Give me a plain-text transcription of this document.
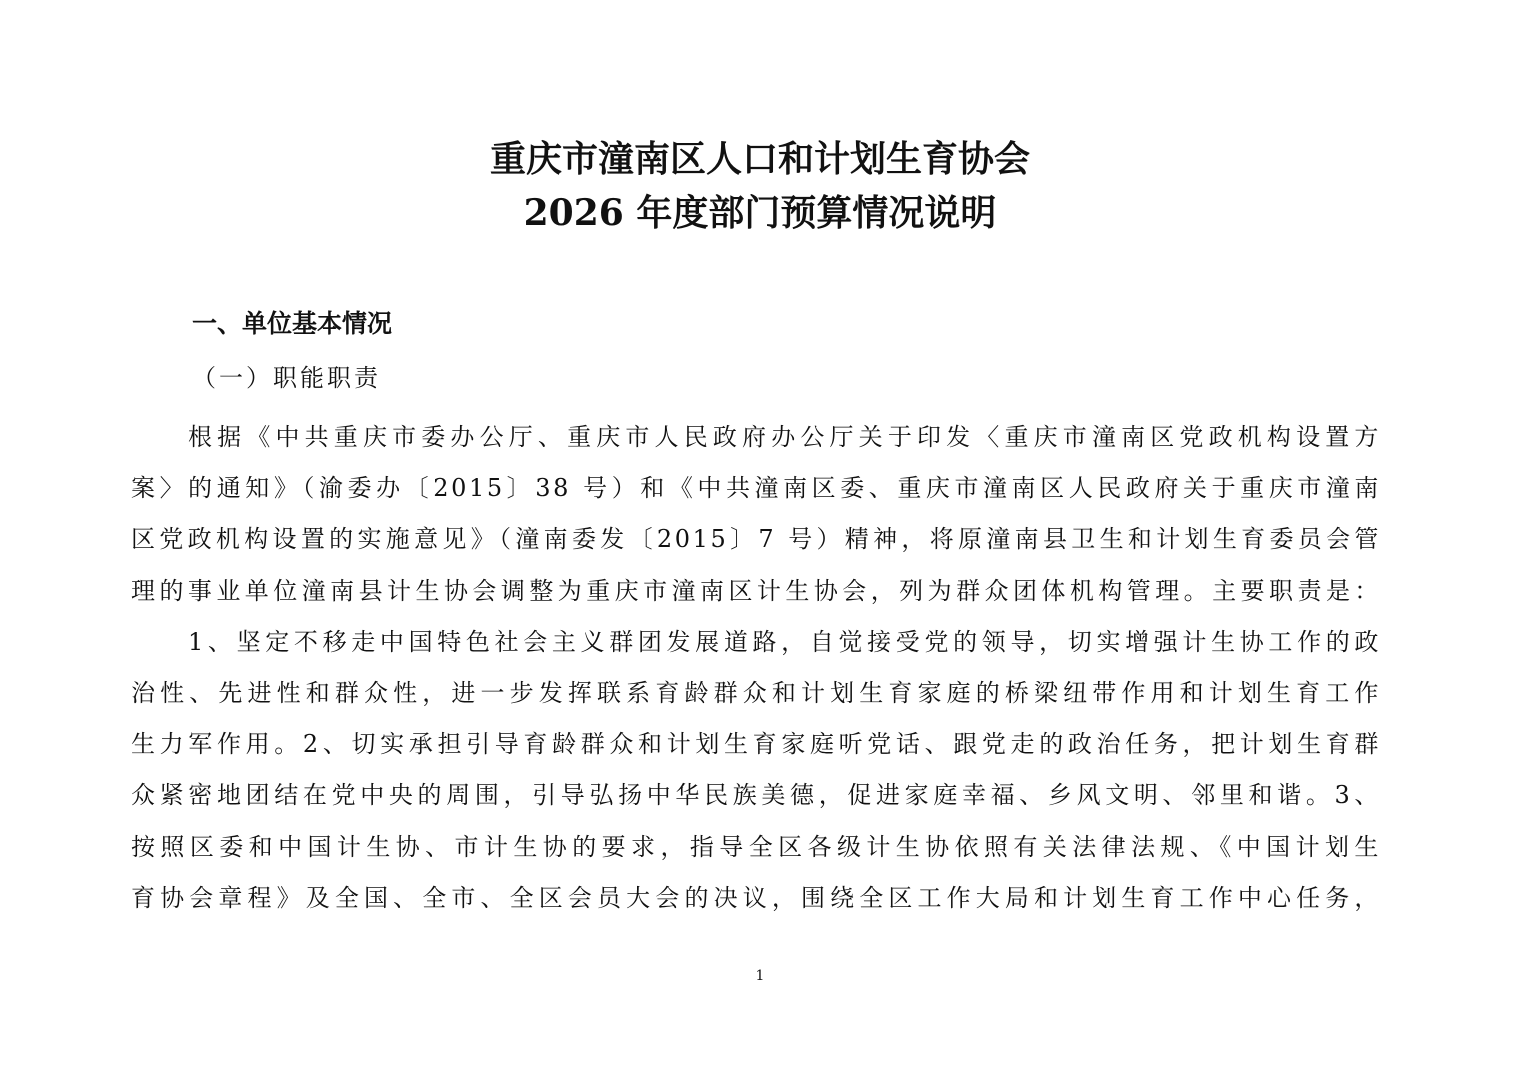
重庆市潼南区人口和计划生育协会
2026 年度部门预算情况说明
一、单位基本情况
（一）职能职责
根据《中共重庆市委办公厅、重庆市人民政府办公厅关于印发〈重庆市潼南区党政机构设置方
案〉的通知》（渝委办〔2015〕38 号）和《中共潼南区委、重庆市潼南区人民政府关于重庆市潼南
区党政机构设置的实施意见》（潼南委发〔2015〕7 号）精神，将原潼南县卫生和计划生育委员会管
理的事业单位潼南县计生协会调整为重庆市潼南区计生协会，列为群众团体机构管理。主要职责是：
1、坚定不移走中国特色社会主义群团发展道路，自觉接受党的领导，切实增强计生协工作的政
治性、先进性和群众性，进一步发挥联系育龄群众和计划生育家庭的桥梁纽带作用和计划生育工作
生力军作用。2、切实承担引导育龄群众和计划生育家庭听党话、跟党走的政治任务，把计划生育群
众紧密地团结在党中央的周围，引导弘扬中华民族美德，促进家庭幸福、乡风文明、邻里和谐。3、
按照区委和中国计生协、市计生协的要求，指导全区各级计生协依照有关法律法规、《中国计划生
育协会章程》及全国、全市、全区会员大会的决议，围绕全区工作大局和计划生育工作中心任务，
1
